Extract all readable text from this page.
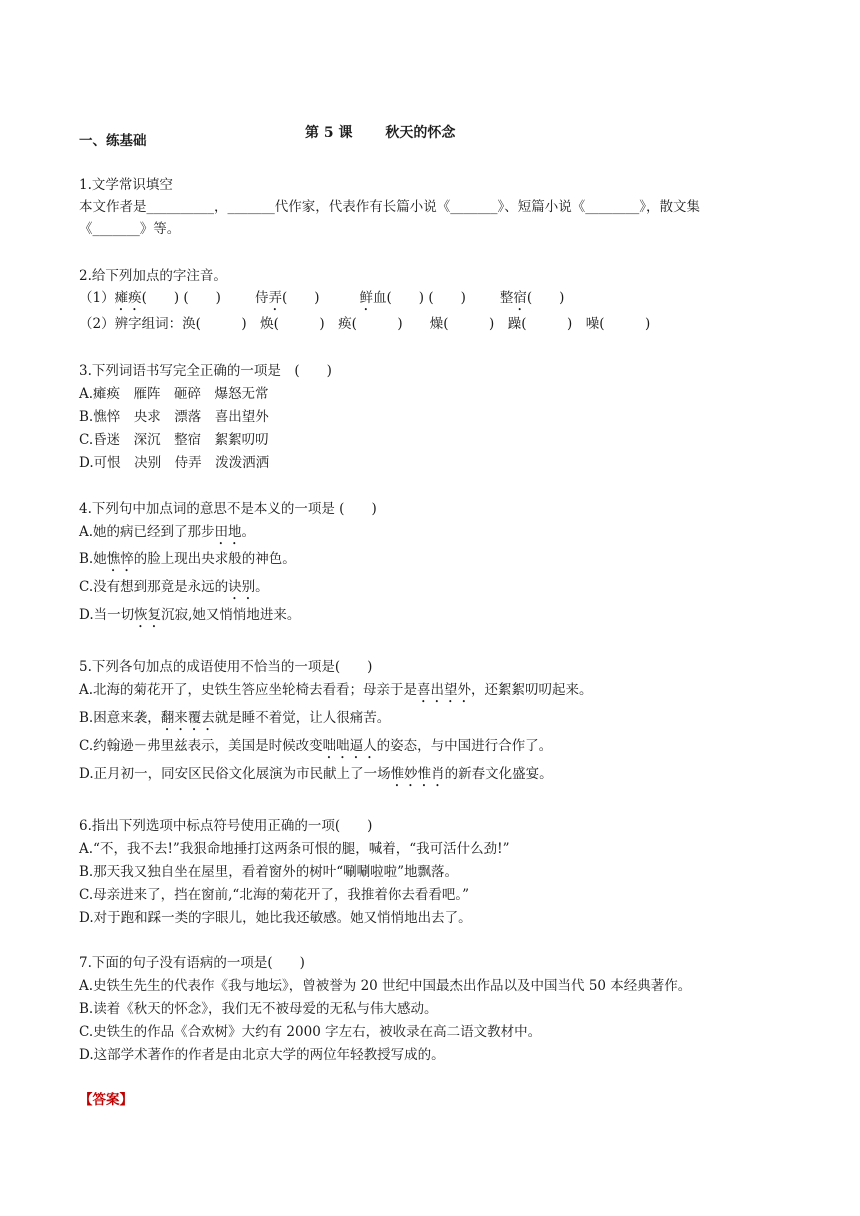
第 5 课　　 秋天的怀念

一、练基础
1.文学常识填空
本文作者是__________，_______代作家，代表作有长篇小说《_______》、短篇小说《________》，散文集
《_______》等。
2.给下列加点的字注音。
（1）瘫痪(　　) (　　)	侍弄(　　)	鲜血(　　) (　　)	整宿(　　)
（2）辨字组词：涣(　　　)　焕(　　　)　痪(　　　)　　燥(　　　)　躁(　　　)　噪(　　　)
3.下列词语书写完全正确的一项是　(　　)
A.瘫痪　雁阵　砸碎　爆怒无常
B.憔悴　央求　漂落　喜出望外
C.昏迷　深沉　整宿　絮絮叨叨
D.可恨　决别　侍弄　泼泼洒洒
4.下列句中加点词的意思不是本义的一项是 (　　)
A.她的病已经到了那步田地。
B.她憔悴的脸上现出央求般的神色。
C.没有想到那竟是永远的诀别。
D.当一切恢复沉寂,她又悄悄地进来。
5.下列各句加点的成语使用不恰当的一项是(　　)
A.北海的菊花开了，史铁生答应坐轮椅去看看；母亲于是喜出望外，还絮絮叨叨起来。
B.困意来袭，翻来覆去就是睡不着觉，让人很痛苦。
C.约翰逊－弗里兹表示，美国是时候改变咄咄逼人的姿态，与中国进行合作了。
D.正月初一，同安区民俗文化展演为市民献上了一场惟妙惟肖的新春文化盛宴。
6.指出下列选项中标点符号使用正确的一项(　　)
A.“不，我不去!”我狠命地捶打这两条可恨的腿，喊着，“我可活什么劲!”
B.那天我又独自坐在屋里，看着窗外的树叶“唰唰啦啦”地飘落。
C.母亲进来了，挡在窗前,“北海的菊花开了，我推着你去看看吧。”
D.对于跑和踩一类的字眼儿，她比我还敏感。她又悄悄地出去了。
7.下面的句子没有语病的一项是(　　)
A.史铁生先生的代表作《我与地坛》，曾被誉为 20 世纪中国最杰出作品以及中国当代 50 本经典著作。
B.读着《秋天的怀念》，我们无不被母爱的无私与伟大感动。
C.史铁生的作品《合欢树》大约有 2000 字左右，被收录在高二语文教材中。
D.这部学术著作的作者是由北京大学的两位年轻教授写成的。
【答案】
